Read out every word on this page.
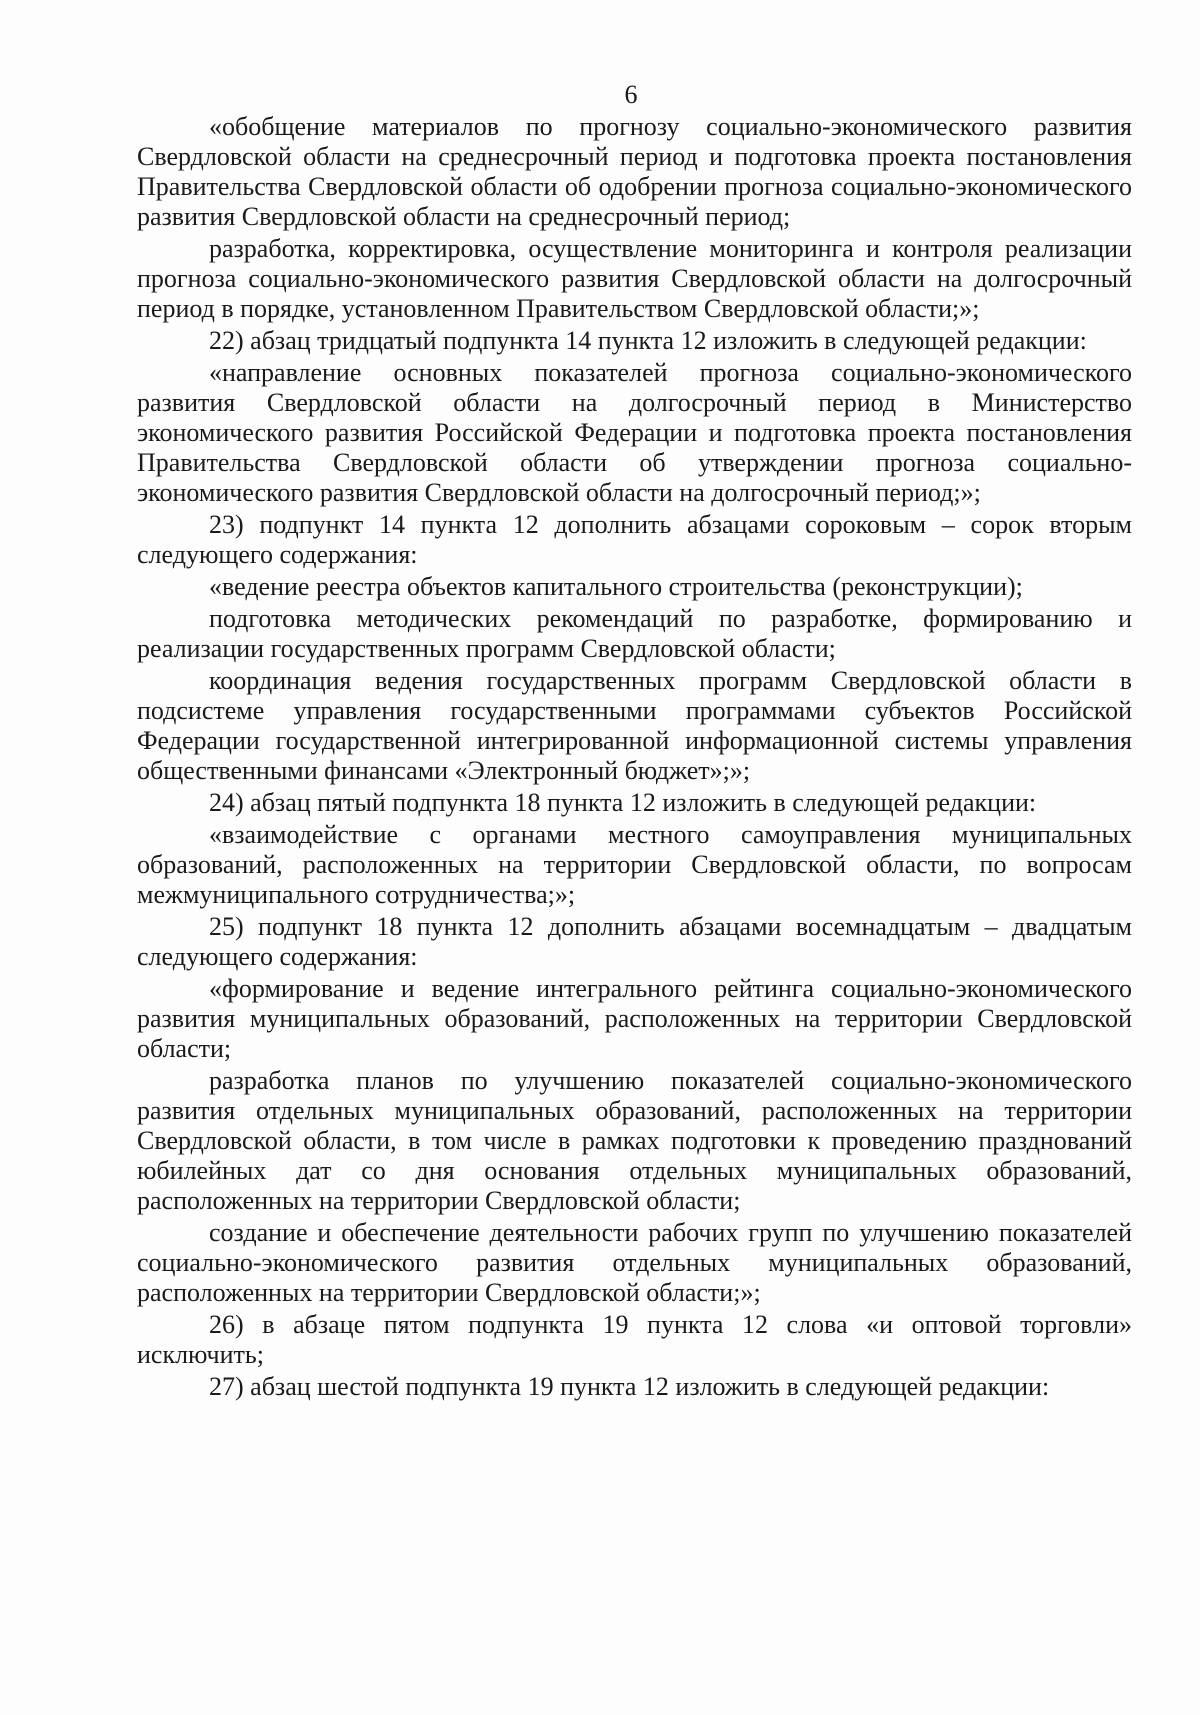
6

«обобщение материалов по прогнозу социально-экономического развития Свердловской области на среднесрочный период и подготовка проекта постановления Правительства Свердловской области об одобрении прогноза социально-экономического развития Свердловской области на среднесрочный период;

разработка, корректировка, осуществление мониторинга и контроля реализации прогноза социально-экономического развития Свердловской области на долгосрочный период в порядке, установленном Правительством Свердловской области;»;

22) абзац тридцатый подпункта 14 пункта 12 изложить в следующей редакции:

«направление основных показателей прогноза социально-экономического развития Свердловской области на долгосрочный период в Министерство экономического развития Российской Федерации и подготовка проекта постановления Правительства Свердловской области об утверждении прогноза социально-экономического развития Свердловской области на долгосрочный период;»;

23) подпункт 14 пункта 12 дополнить абзацами сороковым – сорок вторым следующего содержания:

«ведение реестра объектов капитального строительства (реконструкции);

подготовка методических рекомендаций по разработке, формированию и реализации государственных программ Свердловской области;

координация ведения государственных программ Свердловской области в подсистеме управления государственными программами субъектов Российской Федерации государственной интегрированной информационной системы управления общественными финансами «Электронный бюджет»;»;

24) абзац пятый подпункта 18 пункта 12 изложить в следующей редакции:

«взаимодействие с органами местного самоуправления муниципальных образований, расположенных на территории Свердловской области, по вопросам межмуниципального сотрудничества;»;

25) подпункт 18 пункта 12 дополнить абзацами восемнадцатым – двадцатым следующего содержания:

«формирование и ведение интегрального рейтинга социально-экономического развития муниципальных образований, расположенных на территории Свердловской области;

разработка планов по улучшению показателей социально-экономического развития отдельных муниципальных образований, расположенных на территории Свердловской области, в том числе в рамках подготовки к проведению празднований юбилейных дат со дня основания отдельных муниципальных образований, расположенных на территории Свердловской области;

создание и обеспечение деятельности рабочих групп по улучшению показателей социально-экономического развития отдельных муниципальных образований, расположенных на территории Свердловской области;»;

26) в абзаце пятом подпункта 19 пункта 12 слова «и оптовой торговли» исключить;

27) абзац шестой подпункта 19 пункта 12 изложить в следующей редакции:
